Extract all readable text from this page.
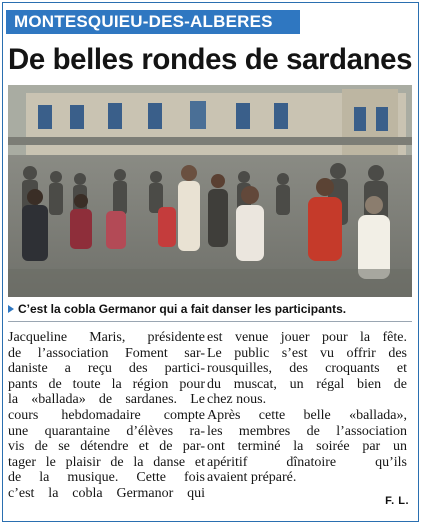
MONTESQUIEU-DES-ALBERES
De belles rondes de sardanes
C’est la cobla Germanor qui a fait danser les participants.

Jacqueline Maris, présidente

de l’association Foment sar-

daniste a reçu des partici-

pants de toute la région pour

la «ballada» de sardanes. Le

cours hebdomadaire compte

une quarantaine d’élèves ra-

vis de se détendre et de par-

tager le plaisir de la danse et

de la musique. Cette fois

c’est la cobla Germanor qui

est venue jouer pour la fête.

Le public s’est vu offrir des

rousquilles, des croquants et

du muscat, un régal bien de

chez nous.

Après cette belle «ballada»,

les membres de l’association

ont terminé la soirée par un

apéritif dînatoire qu’ils

avaient préparé.

F. L.
